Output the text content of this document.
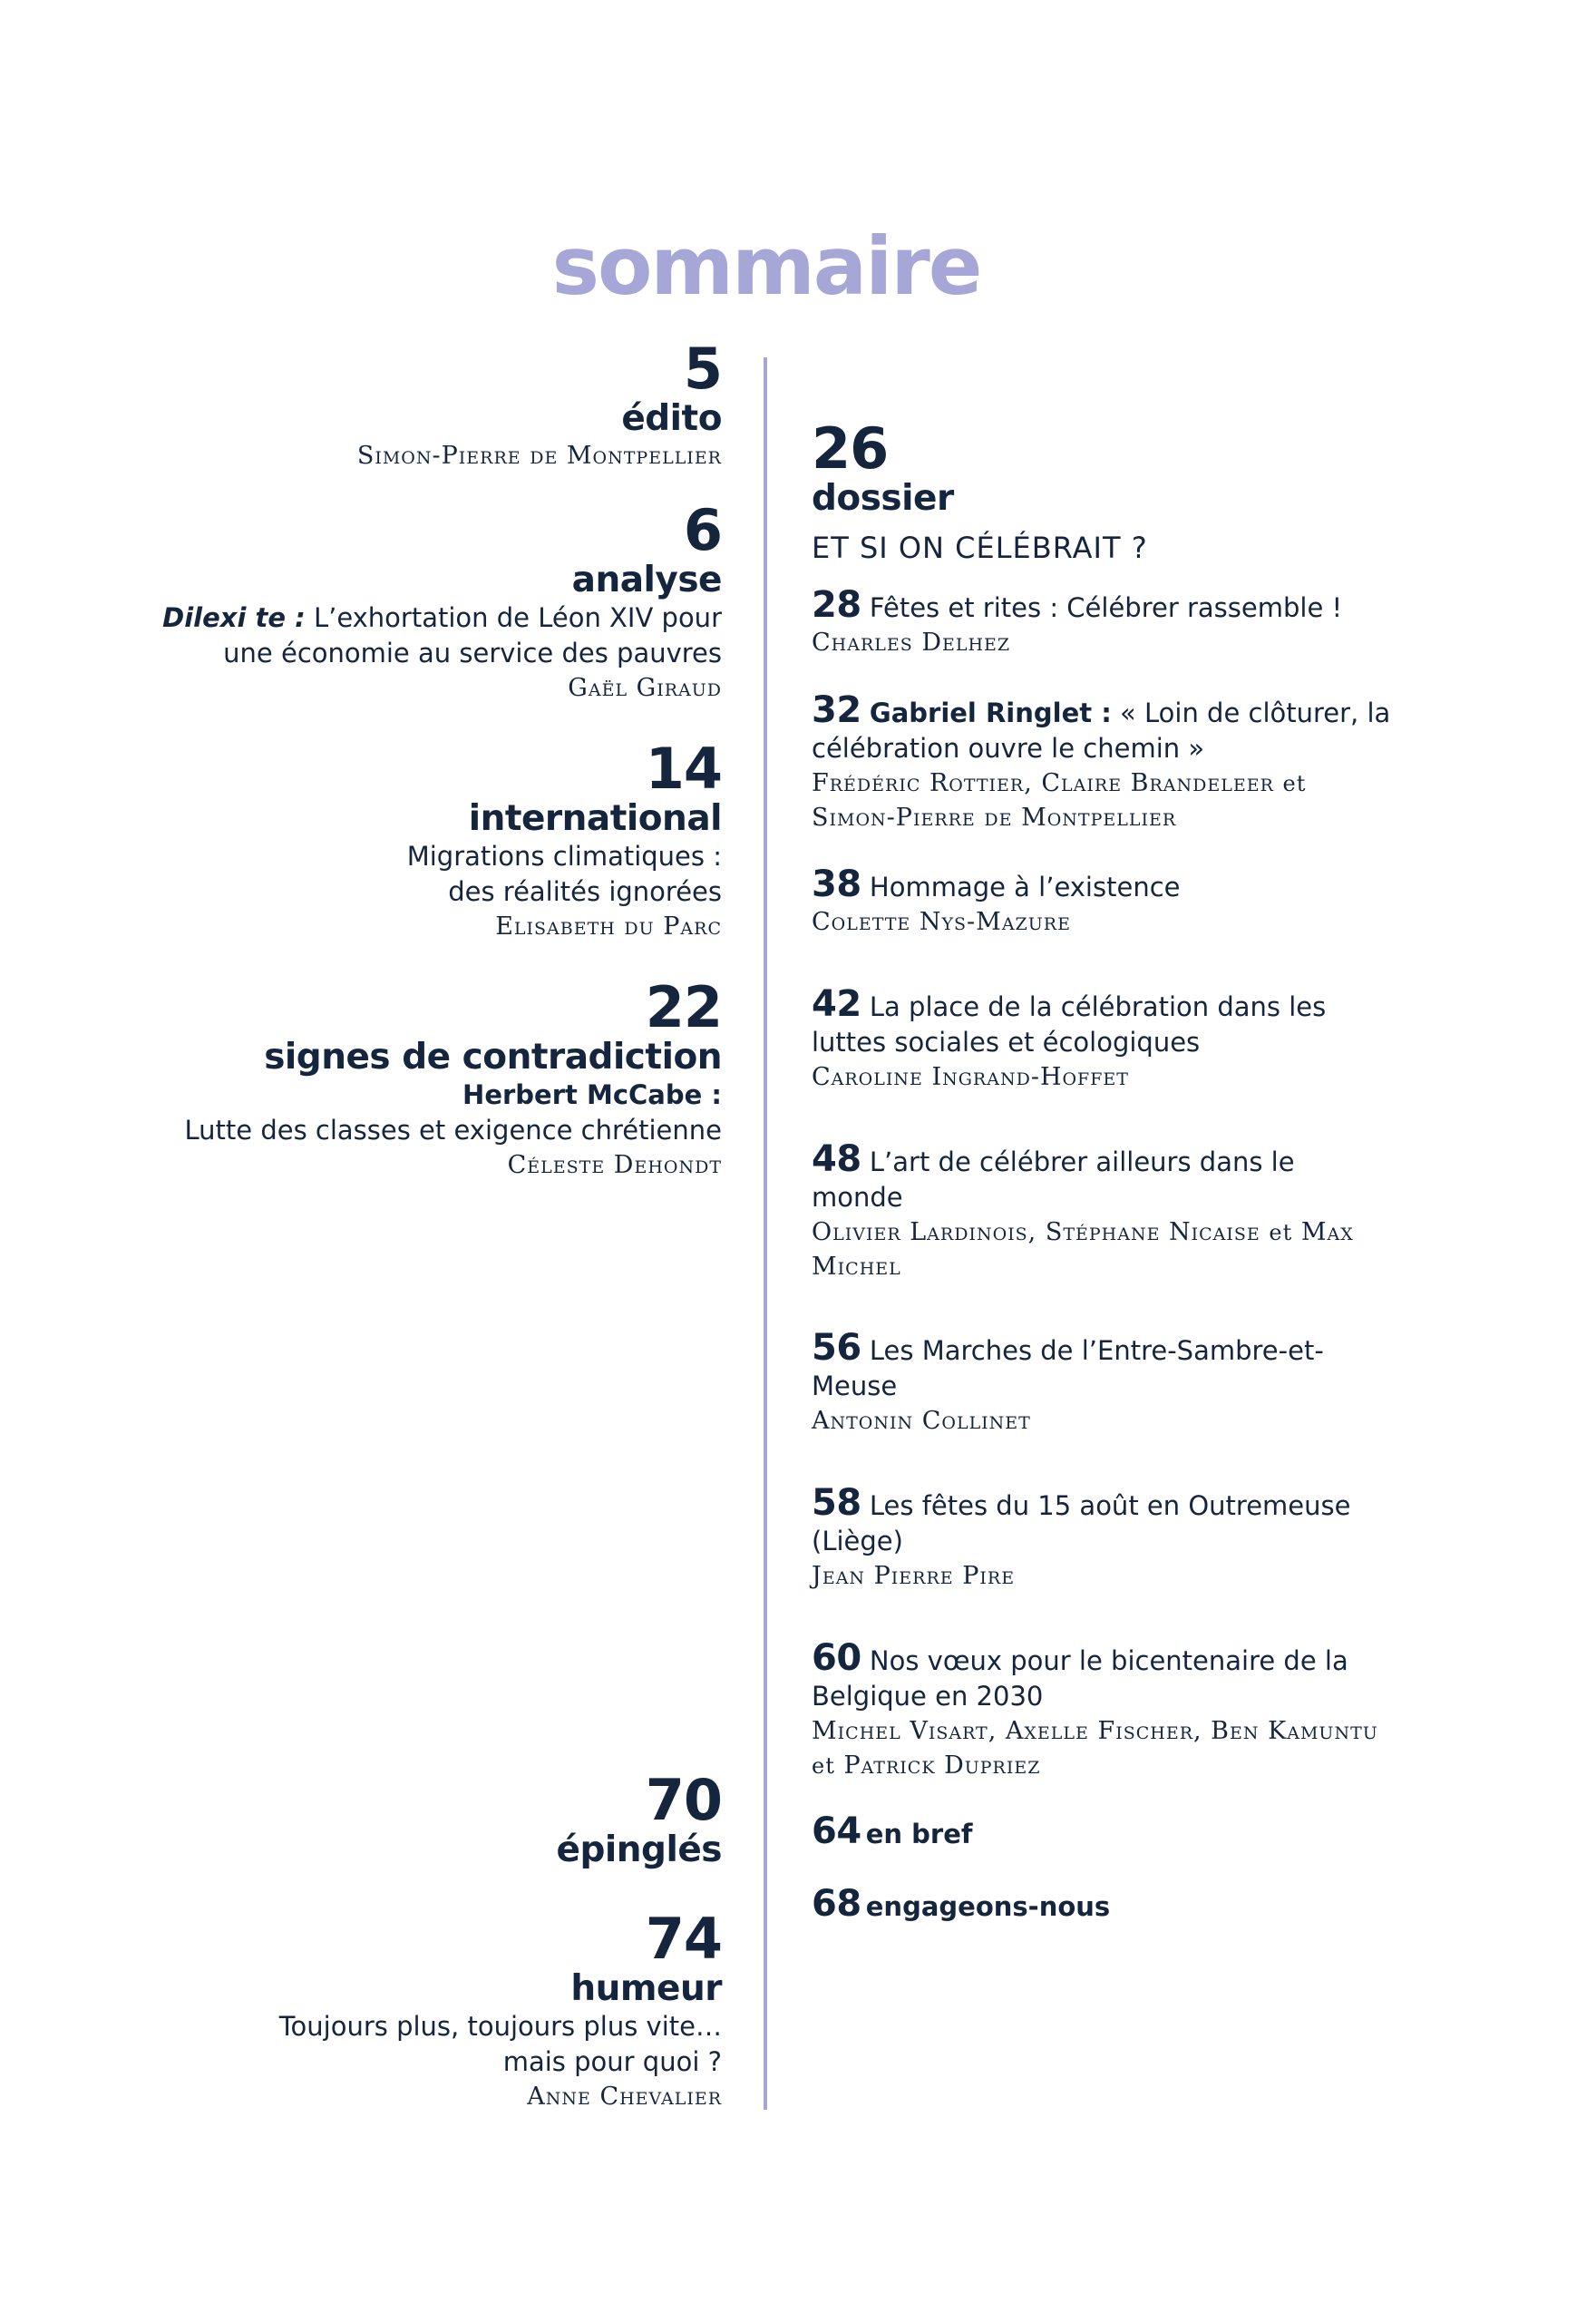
sommaire
5
édito
Simon-Pierre de Montpellier
6
analyse
Dilexi te : L’exhortation de Léon XIV pour
une économie au service des pauvres
Gaël Giraud
14
international
Migrations climatiques :
des réalités ignorées
Elisabeth du Parc
22
signes de contradiction
Herbert McCabe :
Lutte des classes et exigence chrétienne
Céleste Dehondt
70
épinglés
74
humeur
Toujours plus, toujours plus vite…
mais pour quoi ?
Anne Chevalier
26
dossier
ET SI ON CÉLÉBRAIT ?
28 Fêtes et rites : Célébrer rassemble !
Charles Delhez
32 Gabriel Ringlet : « Loin de clôturer, la
célébration ouvre le chemin »
Frédéric Rottier, Claire Brandeleer et
Simon-Pierre de Montpellier
38 Hommage à l’existence
Colette Nys-Mazure
42 La place de la célébration dans les
luttes sociales et écologiques
Caroline Ingrand-Hoffet
48 L’art de célébrer ailleurs dans le
monde
Olivier Lardinois, Stéphane Nicaise et Max
Michel
56 Les Marches de l’Entre-Sambre-et-
Meuse
Antonin Collinet
58 Les fêtes du 15 août en Outremeuse
(Liège)
Jean Pierre Pire
60 Nos vœux pour le bicentenaire de la
Belgique en 2030
Michel Visart, Axelle Fischer, Ben Kamuntu
et Patrick Dupriez
64 en bref
68 engageons-nous
